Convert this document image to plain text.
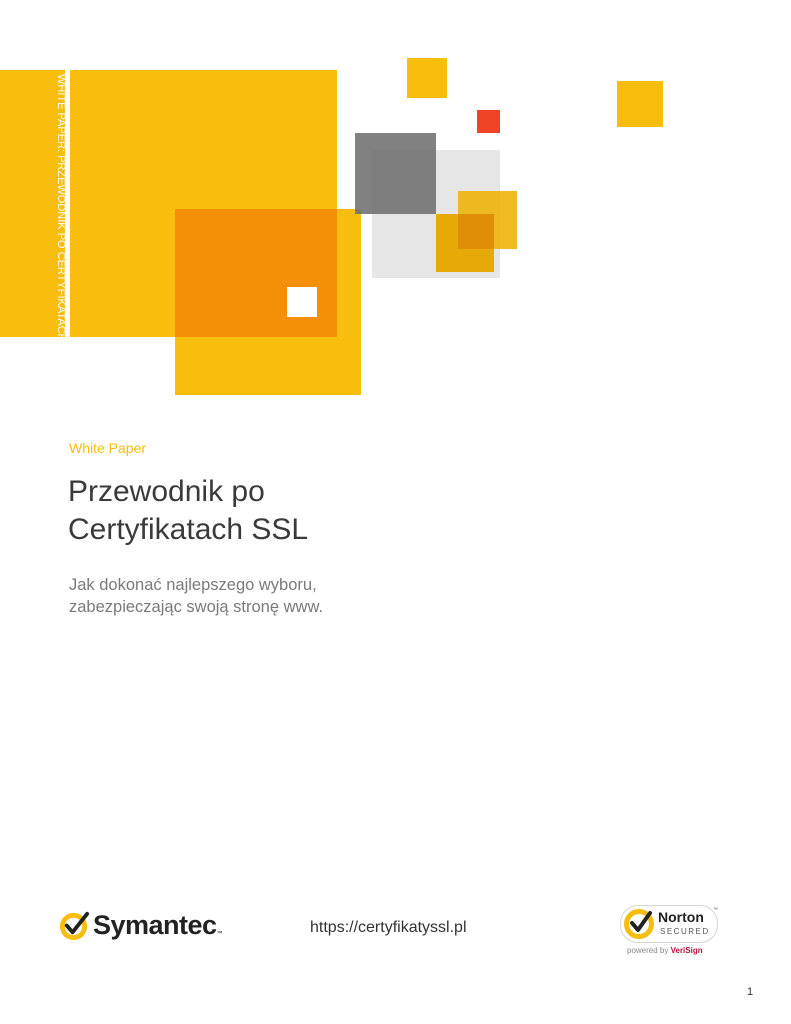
WHITE PAPER: PRZEWODNIK PO CERTYFIKATACH SSL
White Paper
Przewodnik po
Certyfikatach SSL
Jak dokonać najlepszego wyboru,
zabezpieczając swoją stronę www.
Symantec ™	https://certyfikatyssl.pl
Norton
SECURED
™
powered by VeriSign
1
